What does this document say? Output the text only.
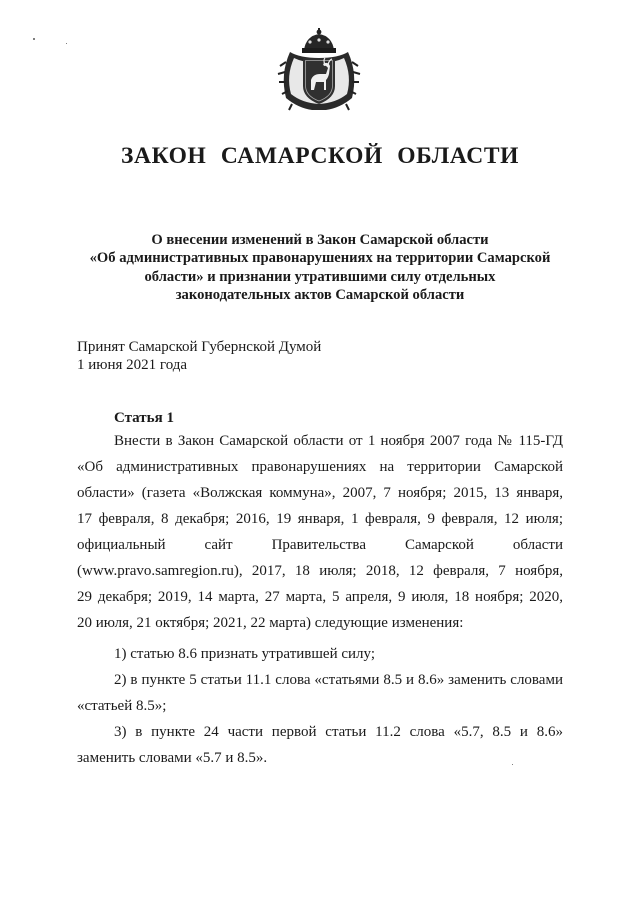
ЗАКОН САМАРСКОЙ ОБЛАСТИ
О внесении изменений в Закон Самарской области
«Об административных правонарушениях на территории Самарской
области» и признании утратившими силу отдельных
законодательных актов Самарской области
Принят Самарской Губернской Думой
1 июня 2021 года
Статья 1
Внести в Закон Самарской области от 1 ноября 2007 года № 115-ГД
«Об административных правонарушениях на территории Самарской
области» (газета «Волжская коммуна», 2007, 7 ноября; 2015, 13 января,
17 февраля, 8 декабря; 2016, 19 января, 1 февраля, 9 февраля, 12 июля;
официальный сайт Правительства Самарской области
(www.pravo.samregion.ru), 2017, 18 июля; 2018, 12 февраля, 7 ноября,
29 декабря; 2019, 14 марта, 27 марта, 5 апреля, 9 июля, 18 ноября; 2020,
20 июля, 21 октября; 2021, 22 марта) следующие изменения:
1) статью 8.6 признать утратившей силу;
2) в пункте 5 статьи 11.1 слова «статьями 8.5 и 8.6» заменить словами
«статьей 8.5»;
3) в пункте 24 части первой статьи 11.2 слова «5.7, 8.5 и 8.6»
заменить словами «5.7 и 8.5».
